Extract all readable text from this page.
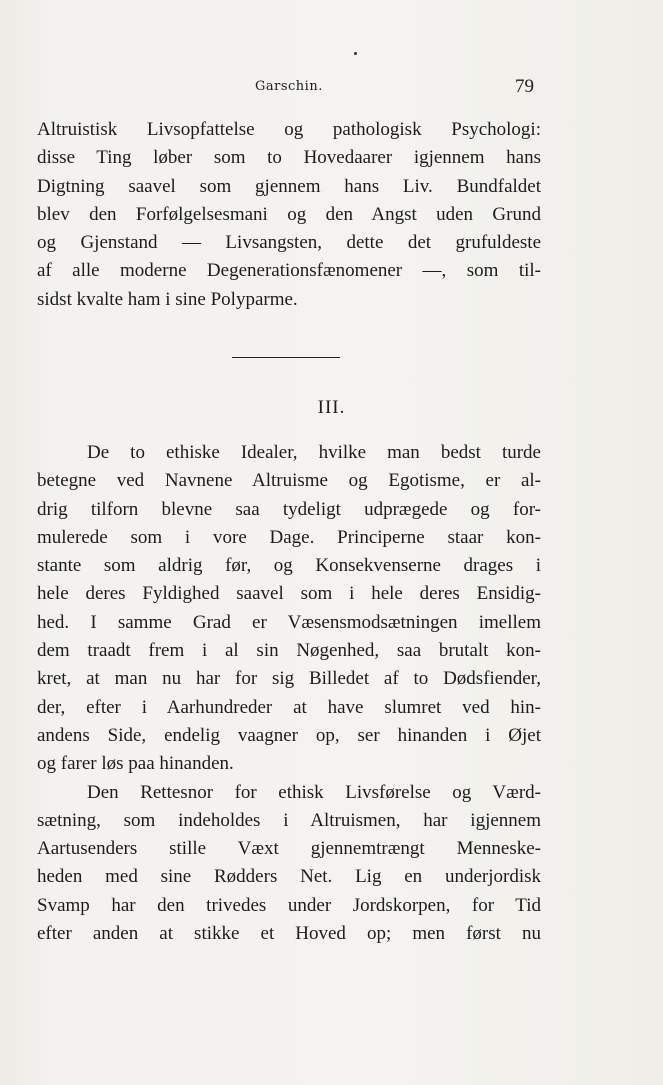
Garschin.	79
Altruistisk Livsopfattelse og pathologisk Psychologi:
disse Ting løber som to Hovedaarer igjennem hans
Digtning saavel som gjennem hans Liv. Bundfaldet
blev den Forfølgelsesmani og den Angst uden Grund
og Gjenstand — Livsangsten, dette det grufuldeste
af alle moderne Degenerationsfænomener —, som til-
sidst kvalte ham i sine Polyparme.
III.
De to ethiske Idealer, hvilke man bedst turde
betegne ved Navnene Altruisme og Egotisme, er al-
drig tilforn blevne saa tydeligt udprægede og for-
mulerede som i vore Dage. Principerne staar kon-
stante som aldrig før, og Konsekvenserne drages i
hele deres Fyldighed saavel som i hele deres Ensidig-
hed. I samme Grad er Væsensmodsætningen imellem
dem traadt frem i al sin Nøgenhed, saa brutalt kon-
kret, at man nu har for sig Billedet af to Dødsfiender,
der, efter i Aarhundreder at have slumret ved hin-
andens Side, endelig vaagner op, ser hinanden i Øjet
og farer løs paa hinanden.
Den Rettesnor for ethisk Livsførelse og Værd-
sætning, som indeholdes i Altruismen, har igjennem
Aartusenders stille Væxt gjennemtrængt Menneske-
heden med sine Rødders Net. Lig en underjordisk
Svamp har den trivedes under Jordskorpen, for Tid
efter anden at stikke et Hoved op; men først nu
